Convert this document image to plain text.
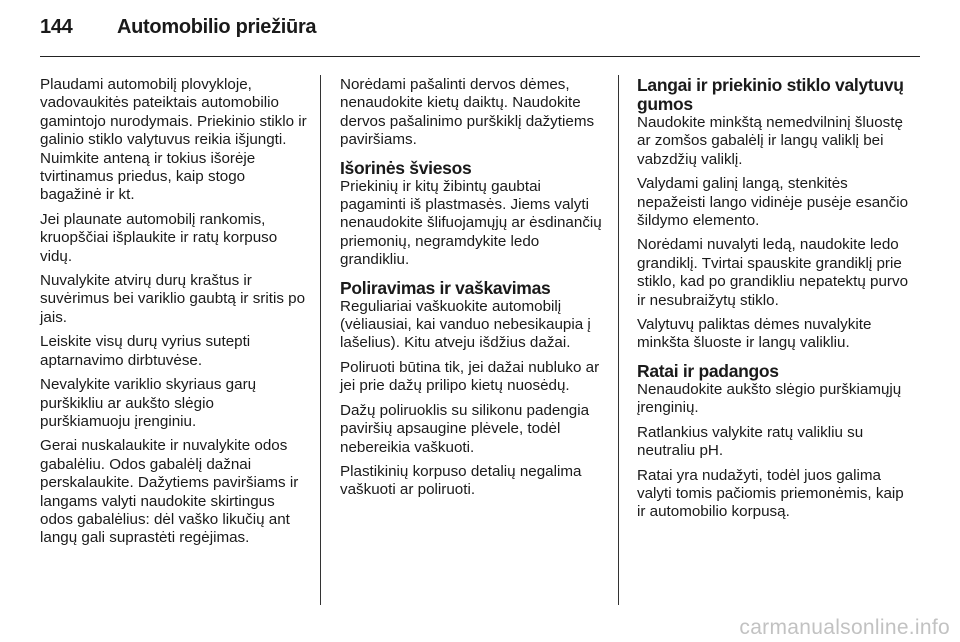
144 Automobilio priežiūra

Plaudami automobilį plovykloje, vadovaukitės pateiktais automobilio gamintojo nurodymais. Priekinio stiklo ir galinio stiklo valytuvus reikia išjungti. Nuimkite anteną ir tokius išorėje tvirtinamus priedus, kaip stogo bagažinė ir kt.

Jei plaunate automobilį rankomis, kruopščiai išplaukite ir ratų korpuso vidų.

Nuvalykite atvirų durų kraštus ir suvėrimus bei variklio gaubtą ir sritis po jais.

Leiskite visų durų vyrius sutepti aptarnavimo dirbtuvėse.

Nevalykite variklio skyriaus garų purškikliu ar aukšto slėgio purškiamuoju įrenginiu.

Gerai nuskalaukite ir nuvalykite odos gabalėliu. Odos gabalėlį dažnai perskalaukite. Dažytiems paviršiams ir langams valyti naudokite skirtingus odos gabalėlius: dėl vaško likučių ant langų gali suprastėti regėjimas.

Norėdami pašalinti dervos dėmes, nenaudokite kietų daiktų. Naudokite dervos pašalinimo purškiklį dažytiems paviršiams.

Išorinės šviesos

Priekinių ir kitų žibintų gaubtai pagaminti iš plastmasės. Jiems valyti nenaudokite šlifuojamųjų ar ėsdinančių priemonių, negramdykite ledo grandikliu.

Poliravimas ir vaškavimas

Reguliariai vaškuokite automobilį (vėliausiai, kai vanduo nebesikaupia į lašelius). Kitu atveju išdžius dažai.

Poliruoti būtina tik, jei dažai nubluko ar jei prie dažų prilipo kietų nuosėdų.

Dažų poliruoklis su silikonu padengia paviršių apsaugine plėvele, todėl nebereikia vaškuoti.

Plastikinių korpuso detalių negalima vaškuoti ar poliruoti.

Langai ir priekinio stiklo valytuvų gumos

Naudokite minkštą nemedvilninį šluostę ar zomšos gabalėlį ir langų valiklį bei vabzdžių valiklį.

Valydami galinį langą, stenkitės nepažeisti lango vidinėje pusėje esančio šildymo elemento.

Norėdami nuvalyti ledą, naudokite ledo grandiklį. Tvirtai spauskite grandiklį prie stiklo, kad po grandikliu nepatektų purvo ir nesubraižytų stiklo.

Valytuvų paliktas dėmes nuvalykite minkšta šluoste ir langų valikliu.

Ratai ir padangos

Nenaudokite aukšto slėgio purškiamųjų įrenginių.

Ratlankius valykite ratų valikliu su neutraliu pH.

Ratai yra nudažyti, todėl juos galima valyti tomis pačiomis priemonėmis, kaip ir automobilio korpusą.

carmanualsonline.info
